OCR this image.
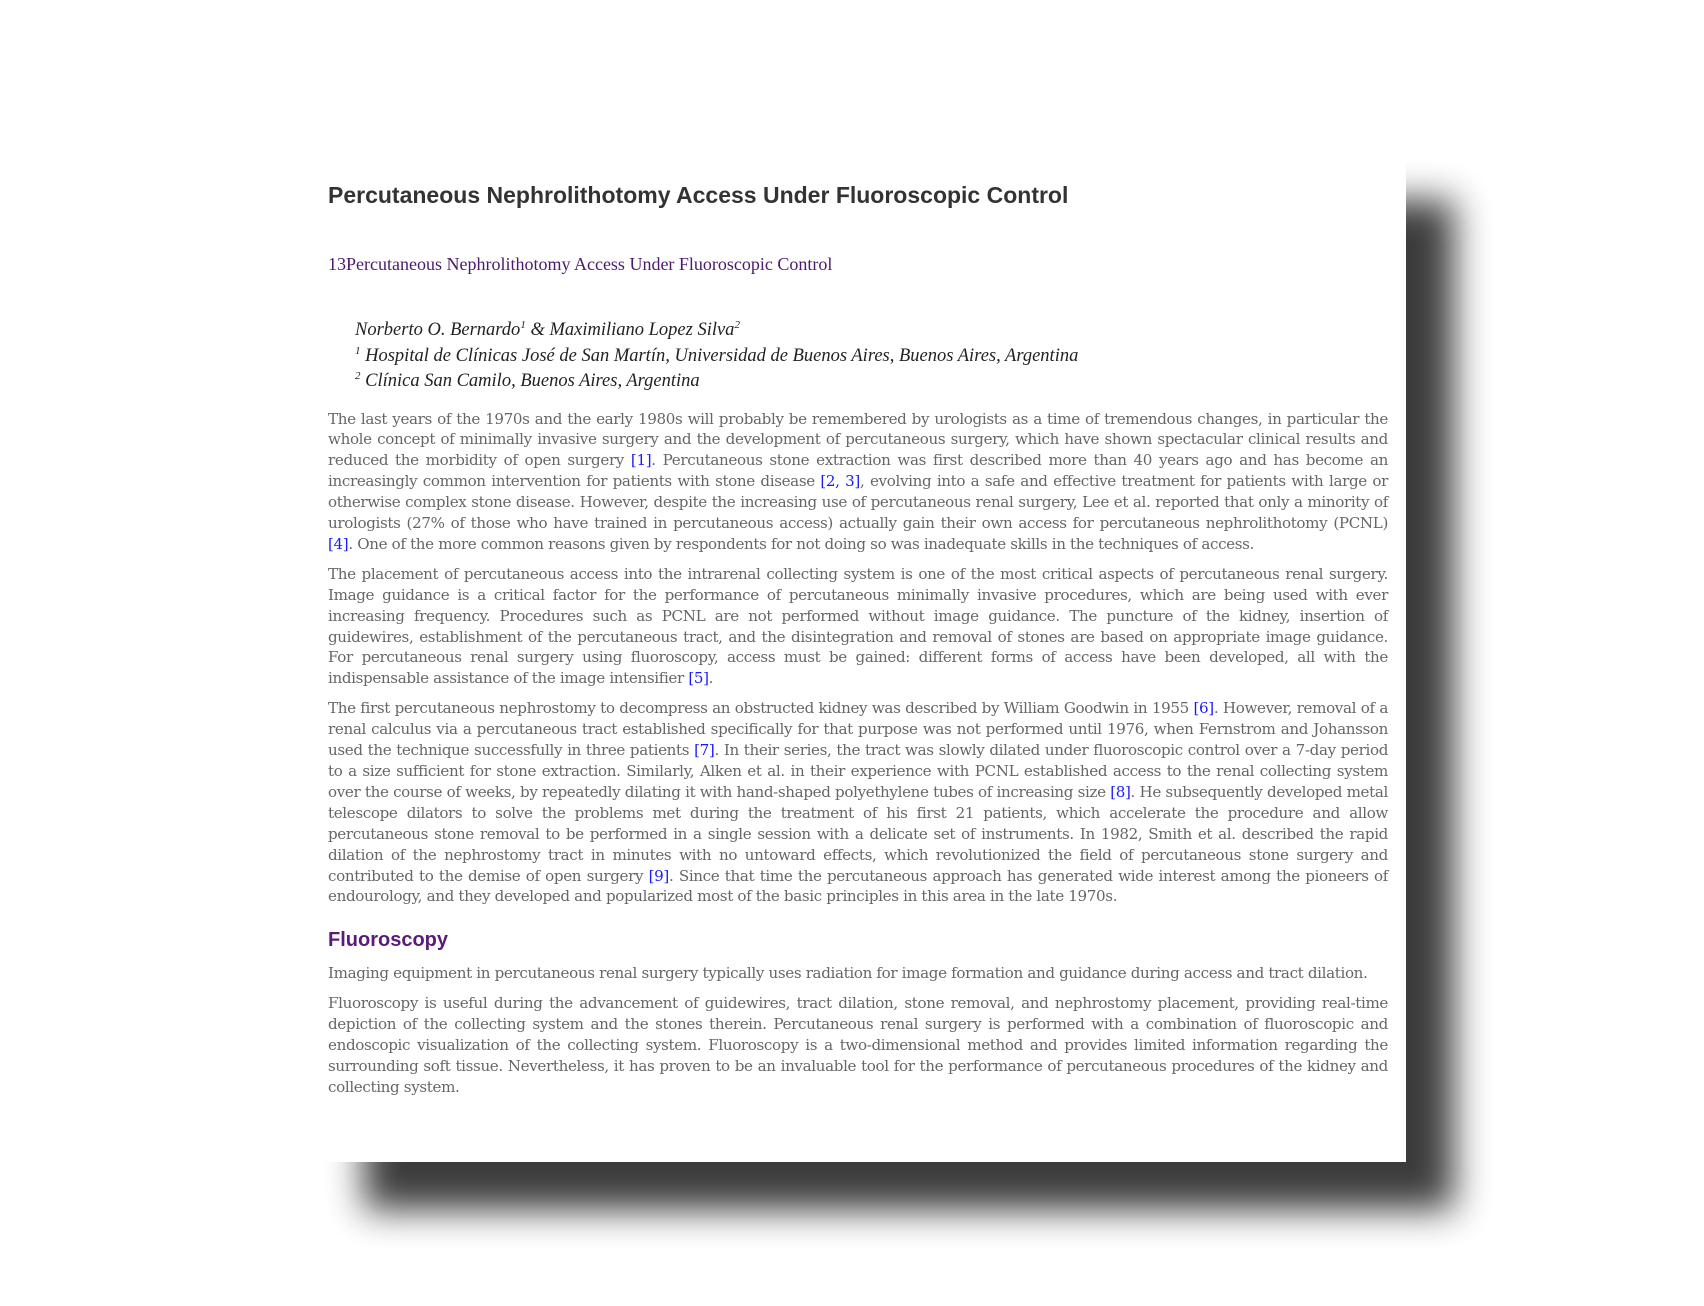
Percutaneous Nephrolithotomy Access Under Fluoroscopic Control
13Percutaneous Nephrolithotomy Access Under Fluoroscopic Control
Norberto O. Bernardo$^1$ & Maximiliano Lopez Silva$^2$
$^1$ Hospital de Clínicas José de San Martín, Universidad de Buenos Aires, Buenos Aires, Argentina
$^2$ Clínica San Camilo, Buenos Aires, Argentina

The last years of the 1970s and the early 1980s will probably be remembered by urologists as a time of tremendous changes, in particular the whole concept of minimally invasive surgery and the development of percutaneous surgery, which have shown spectacular clinical results and reduced the morbidity of open surgery [1]. Percutaneous stone extraction was first described more than 40 years ago and has become an increasingly common intervention for patients with stone disease [2, 3], evolving into a safe and effective treatment for patients with large or otherwise complex stone disease. However, despite the increasing use of percutaneous renal surgery, Lee et al. reported that only a minority of urologists (27% of those who have trained in percutaneous access) actually gain their own access for percutaneous nephrolithotomy (PCNL) [4]. One of the more common reasons given by respondents for not doing so was inadequate skills in the techniques of access.

The placement of percutaneous access into the intrarenal collecting system is one of the most critical aspects of percutaneous renal surgery. Image guidance is a critical factor for the performance of percutaneous minimally invasive procedures, which are being used with ever increasing frequency. Procedures such as PCNL are not performed without image guidance. The puncture of the kidney, insertion of guidewires, establishment of the percutaneous tract, and the disintegration and removal of stones are based on appropriate image guidance. For percutaneous renal surgery using fluoroscopy, access must be gained: different forms of access have been developed, all with the indispensable assistance of the image intensifier [5].

The first percutaneous nephrostomy to decompress an obstructed kidney was described by William Goodwin in 1955 [6]. However, removal of a renal calculus via a percutaneous tract established specifically for that purpose was not performed until 1976, when Fernstrom and Johansson used the technique successfully in three patients [7]. In their series, the tract was slowly dilated under fluoroscopic control over a 7-day period to a size sufficient for stone extraction. Similarly, Alken et al. in their experience with PCNL established access to the renal collecting system over the course of weeks, by repeatedly dilating it with hand-shaped polyethylene tubes of increasing size [8]. He subsequently developed metal telescope dilators to solve the problems met during the treatment of his first 21 patients, which accelerate the procedure and allow percutaneous stone removal to be performed in a single session with a delicate set of instruments. In 1982, Smith et al. described the rapid dilation of the nephrostomy tract in minutes with no untoward effects, which revolutionized the field of percutaneous stone surgery and contributed to the demise of open surgery [9]. Since that time the percutaneous approach has generated wide interest among the pioneers of endourology, and they developed and popularized most of the basic principles in this area in the late 1970s.

Fluoroscopy

Imaging equipment in percutaneous renal surgery typically uses radiation for image formation and guidance during access and tract dilation.

Fluoroscopy is useful during the advancement of guidewires, tract dilation, stone removal, and nephrostomy placement, providing real-time depiction of the collecting system and the stones therein. Percutaneous renal surgery is performed with a combination of fluoroscopic and endoscopic visualization of the collecting system. Fluoroscopy is a two-dimensional method and provides limited information regarding the surrounding soft tissue. Nevertheless, it has proven to be an invaluable tool for the performance of percutaneous procedures of the kidney and collecting system.
